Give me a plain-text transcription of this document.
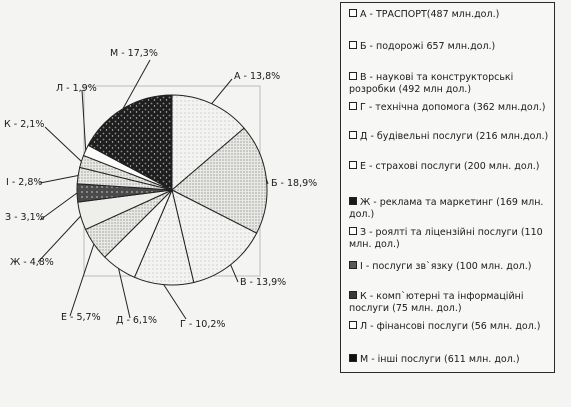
А - 13,8%
Б - 18,9%
В - 13,9%
Г - 10,2%
Д - 6,1%
Е - 5,7%
Ж - 4,8%
З - 3,1%
І - 2,8%
К - 2,1%
Л - 1,9%
М - 17,3%
А - ТРАСПОРТ(487 млн.дол.)
Б - подорожі 657 млн.дол.)
В - наукові та конструкторські розробки (492 млн дол.)
Г - технічна допомога (362 млн.дол.)
Д - будівельні послуги (216 млн.дол.)
Е - страхові послуги (200 млн. дол.)
Ж - реклама та маркетинг (169 млн. дол.)
З - роялті та ліцензійні послуги (110 млн. дол.)
І - послуги зв`язку (100 млн. дол.)
К - комп`ютерні та інформаційні послуги (75 млн. дол.)
Л - фінансові послуги (56 млн. дол.)
М - інші послуги (611 млн. дол.)
